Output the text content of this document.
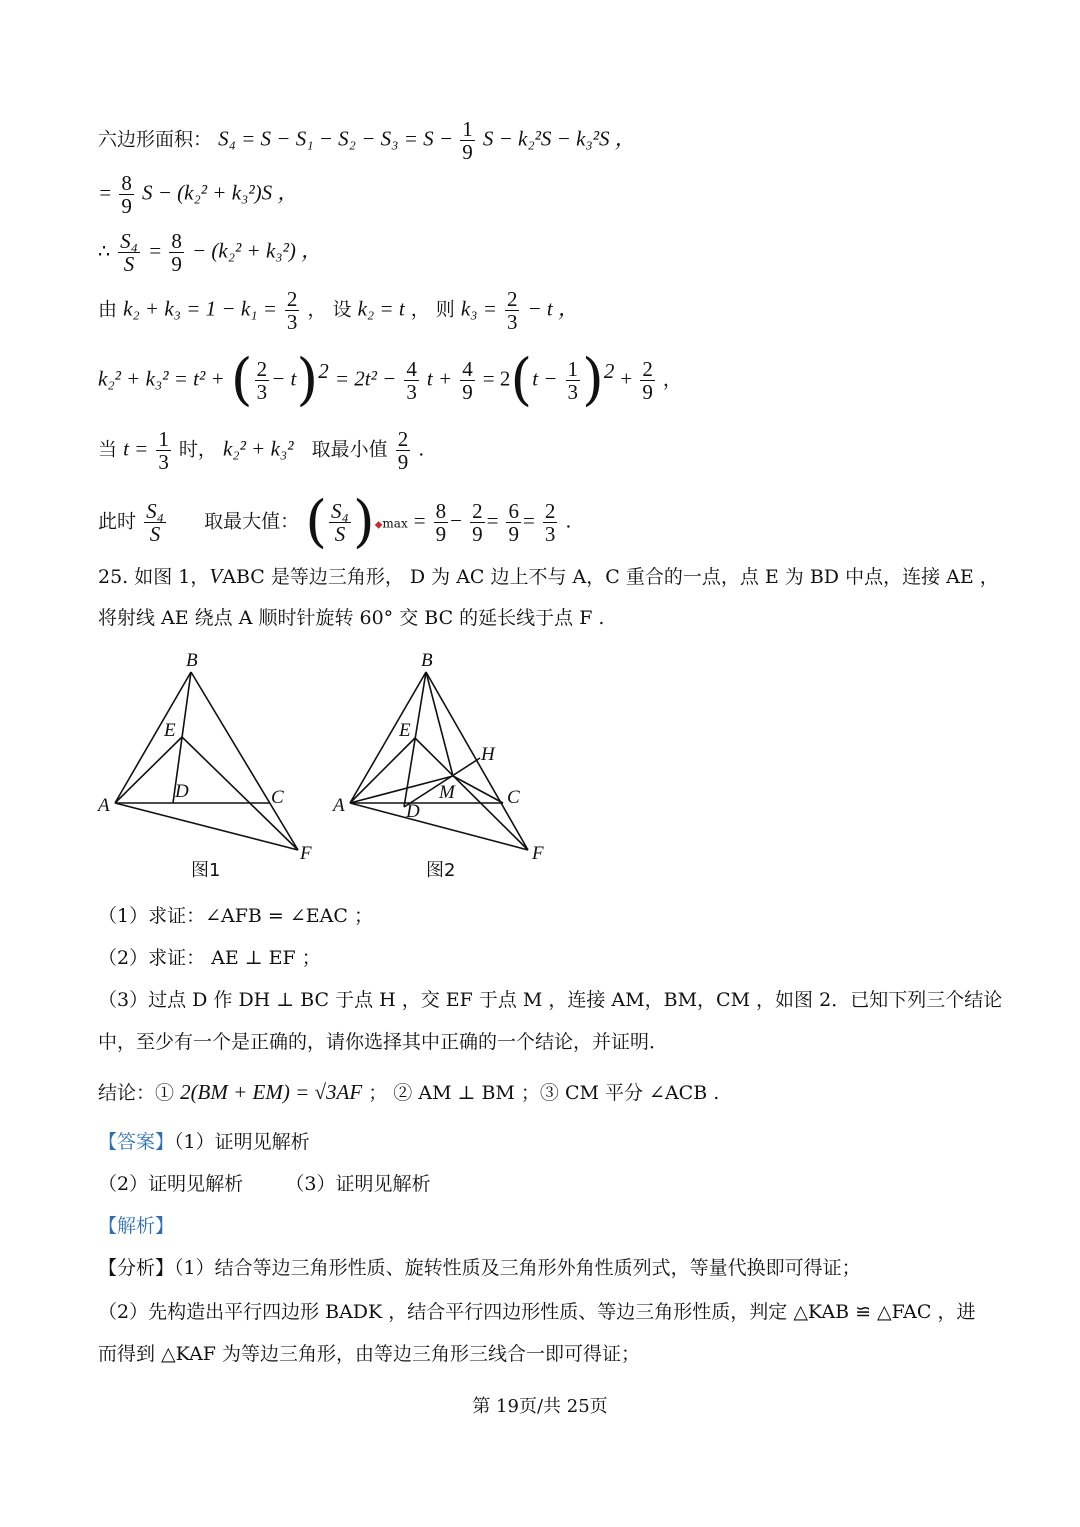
六边形面积： $S_4 = S - S_1 - S_2 - S_3 = S - \frac{1}{9}$ S − k₂²S − k₃²S ，
= $\frac{8}{9}$ S − (k₂² + k₃²)S ，
∴ $\frac{\text{S₄}}{S} = \frac{8}{9} - (k_2^2 + k_3^2)$ ，
由 $k_2 + k_3 = 1 - k_1 = \frac{2}{3}$ ， 设 k₂ = t ， 则 $k_3 = \frac{2}{3} - t$ ，
k₂² + k₃² = t² + ( $\frac{2}{3} - t)^2 = 2t^2 - \frac{4}{3}$ $t + \frac{4}{9} = 2(t - \frac{1}{3} )^2 + \frac{2}{9}$ ，
当 $t = \frac{1}{3}$ 时， k₂² + k₃² 取最小值 $\frac{2}{9}$ .
此时 $\frac{\text{S₄}}{S}$ 取最大值： ( $\frac{\text{S₄}}{S}$ )◆max = $\frac{8}{9} - \frac{2}{9} = \frac{6}{9} = \frac{2}{3}$ .
25. 如图 1，VABC 是等边三角形， D 为 AC 边上不与 A，C 重合的一点，点 E 为 BD 中点，连接 AE ，
将射线 AE 绕点 A 顺时针旋转 60° 交 BC 的延长线于点 F .
A
B
C
D
E
F
图1
A
B
C
D
E
F
H
M
图2
（1）求证：∠AFB = ∠EAC ；
（2）求证： AE ⊥ EF ；
（3）过点 D 作 DH ⊥ BC 于点 H ，交 EF 于点 M ，连接 AM，BM，CM ，如图 2．已知下列三个结论
中，至少有一个是正确的，请你选择其中正确的一个结论，并证明．
结论：① 2(BM + EM) = √3AF ； ② AM ⊥ BM ；③ CM 平分 ∠ACB .
【答案】（1）证明见解析
（2）证明见解析 （3）证明见解析
【解析】
【分析】（1）结合等边三角形性质、旋转性质及三角形外角性质列式，等量代换即可得证；
（2）先构造出平行四边形 BADK ，结合平行四边形性质、等边三角形性质，判定 △KAB ≌ △FAC ，进
而得到 △KAF 为等边三角形，由等边三角形三线合一即可得证；
第 19页/共 25页
